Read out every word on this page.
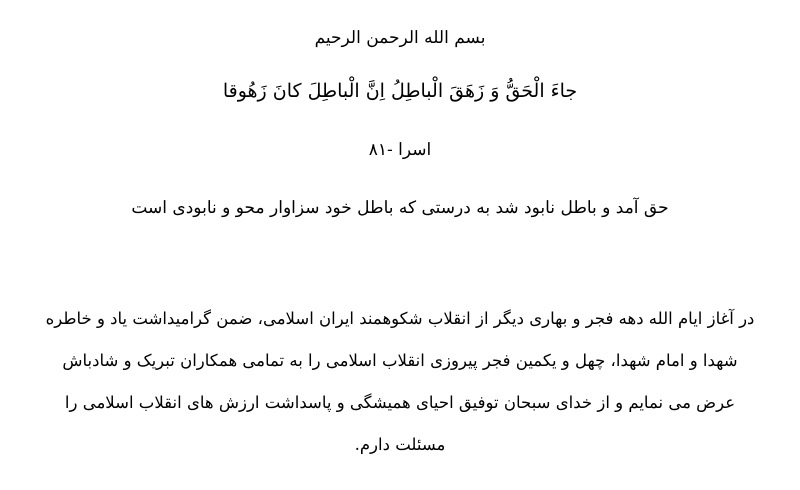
بسم الله الرحمن الرحيم
جاءَ الْحَقُّ وَ زَهَقَ الْباطِلُ اِنَّ الْباطِلَ کانَ زَهُوقا
اسرا -۸۱
حق آمد و باطل نابود شد به درستی که باطل خود سزاوار محو و نابودی است
در آغاز ایام الله دهه فجر و بهاری دیگر از انقلاب شکوهمند ایران اسلامی، ضمن گرامیداشت یاد و خاطره
شهدا و امام شهدا، چهل و یکمین فجر پیروزی انقلاب اسلامی را به تمامی همکاران تبریک و شادباش
عرض می نمایم و از خدای سبحان توفیق احیای همیشگی و پاسداشت ارزش های انقلاب اسلامی را
مسئلت دارم.
